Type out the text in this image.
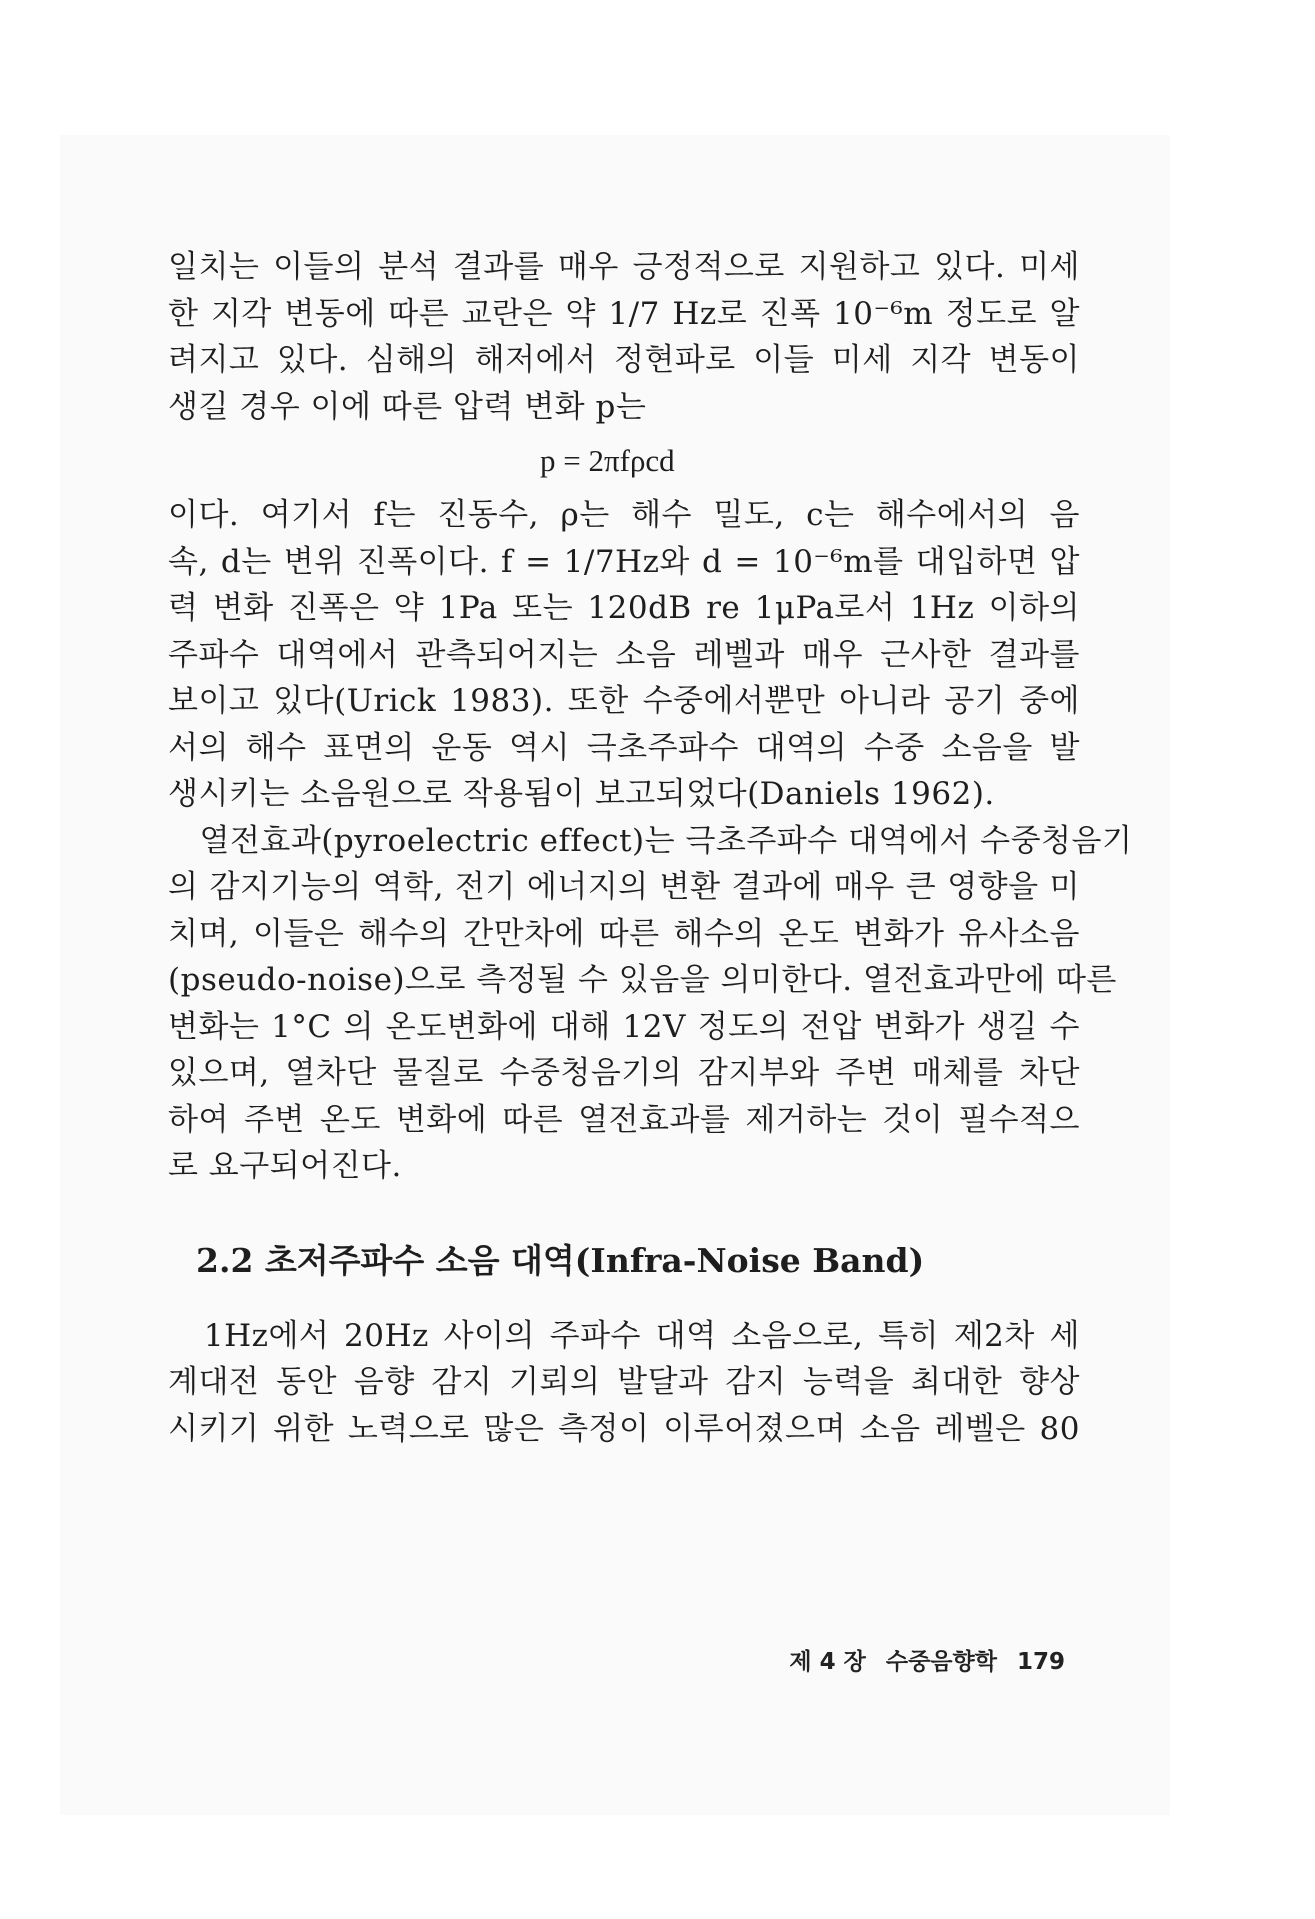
일치는 이들의 분석 결과를 매우 긍정적으로 지원하고 있다. 미세
한 지각 변동에 따른 교란은 약 1/7 Hz로 진폭 10⁻⁶m 정도로 알
려지고 있다. 심해의 해저에서 정현파로 이들 미세 지각 변동이
생길 경우 이에 따른 압력 변화 p는
p = 2πfρcd
이다. 여기서 f는 진동수, ρ는 해수 밀도, c는 해수에서의 음
속, d는 변위 진폭이다. f = 1/7Hz와 d = 10⁻⁶m를 대입하면 압
력 변화 진폭은 약 1Pa 또는 120dB re 1μPa로서 1Hz 이하의
주파수 대역에서 관측되어지는 소음 레벨과 매우 근사한 결과를
보이고 있다(Urick 1983). 또한 수중에서뿐만 아니라 공기 중에
서의 해수 표면의 운동 역시 극초주파수 대역의 수중 소음을 발
생시키는 소음원으로 작용됨이 보고되었다(Daniels 1962).
　열전효과(pyroelectric effect)는 극초주파수 대역에서 수중청음기
의 감지기능의 역학, 전기 에너지의 변환 결과에 매우 큰 영향을 미
치며, 이들은 해수의 간만차에 따른 해수의 온도 변화가 유사소음
(pseudo-noise)으로 측정될 수 있음을 의미한다. 열전효과만에 따른
변화는 1°C 의 온도변화에 대해 12V 정도의 전압 변화가 생길 수
있으며, 열차단 물질로 수중청음기의 감지부와 주변 매체를 차단
하여 주변 온도 변화에 따른 열전효과를 제거하는 것이 필수적으
로 요구되어진다.
2.2 초저주파수 소음 대역(Infra-Noise Band)
　1Hz에서 20Hz 사이의 주파수 대역 소음으로, 특히 제2차 세
계대전 동안 음향 감지 기뢰의 발달과 감지 능력을 최대한 향상
시키기 위한 노력으로 많은 측정이 이루어졌으며 소음 레벨은 80
제 4 장 수중음향학 179
